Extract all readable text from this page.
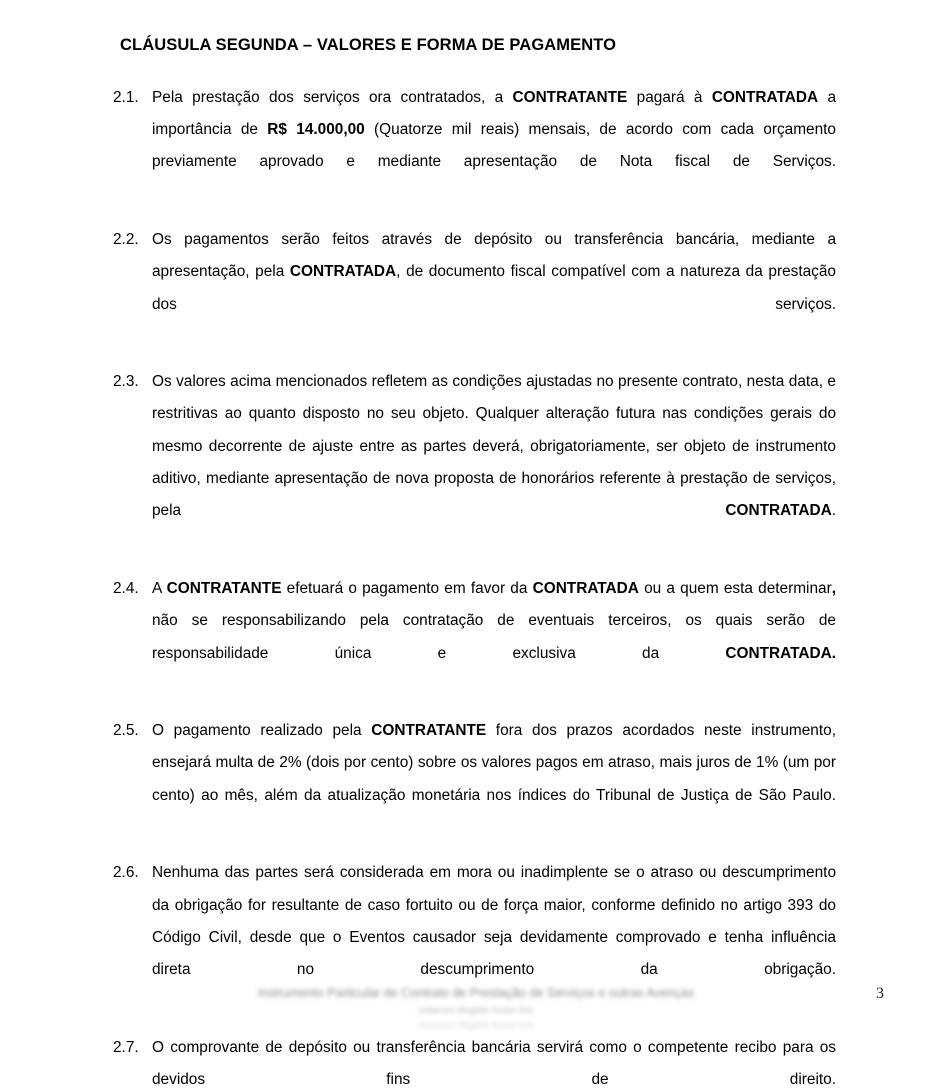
CLÁUSULA SEGUNDA – VALORES E FORMA DE PAGAMENTO
2.1. Pela prestação dos serviços ora contratados, a CONTRATANTE pagará à CONTRATADA a importância de R$ 14.000,00 (Quatorze mil reais) mensais, de acordo com cada orçamento previamente aprovado e mediante apresentação de Nota fiscal de Serviços.
2.2. Os pagamentos serão feitos através de depósito ou transferência bancária, mediante a apresentação, pela CONTRATADA, de documento fiscal compatível com a natureza da prestação dos serviços.
2.3. Os valores acima mencionados refletem as condições ajustadas no presente contrato, nesta data, e restritivas ao quanto disposto no seu objeto. Qualquer alteração futura nas condições gerais do mesmo decorrente de ajuste entre as partes deverá, obrigatoriamente, ser objeto de instrumento aditivo, mediante apresentação de nova proposta de honorários referente à prestação de serviços, pela CONTRATADA.
2.4. A CONTRATANTE efetuará o pagamento em favor da CONTRATADA ou a quem esta determinar, não se responsabilizando pela contratação de eventuais terceiros, os quais serão de responsabilidade única e exclusiva da CONTRATADA.
2.5. O pagamento realizado pela CONTRATANTE fora dos prazos acordados neste instrumento, ensejará multa de 2% (dois por cento) sobre os valores pagos em atraso, mais juros de 1% (um por cento) ao mês, além da atualização monetária nos índices do Tribunal de Justiça de São Paulo.
2.6. Nenhuma das partes será considerada em mora ou inadimplente se o atraso ou descumprimento da obrigação for resultante de caso fortuito ou de força maior, conforme definido no artigo 393 do Código Civil, desde que o Eventos causador seja devidamente comprovado e tenha influência direta no descumprimento da obrigação.
2.7. O comprovante de depósito ou transferência bancária servirá como o competente recibo para os devidos fins de direito.
Instrumento Particular de Contrato de Prestação de Serviços e outras Avenças
redacted illegible footer line
redacted illegible footer line
3
